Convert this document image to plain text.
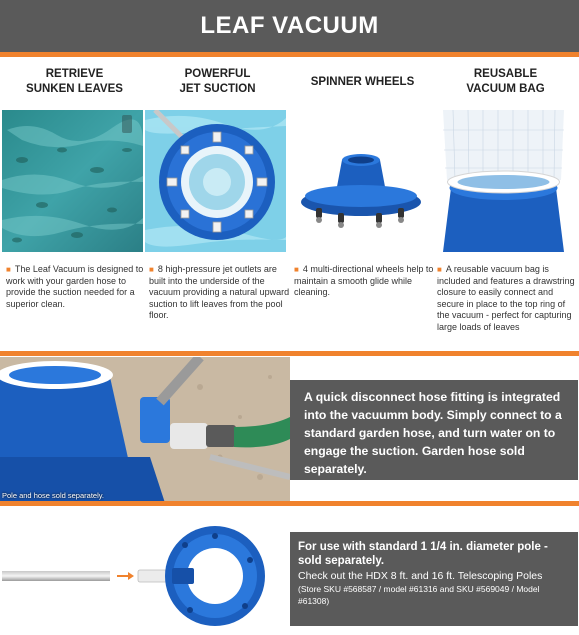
LEAF VACUUM
RETRIEVE
SUNKEN LEAVES
POWERFUL
JET SUCTION
SPINNER WHEELS
REUSABLE
VACUUM BAG

■ The Leaf Vacuum is designed to work with your garden hose to provide the suction needed for a superior clean.

■ 8 high-pressure jet outlets are built into the underside of the vacuum providing a natural upward suction to lift leaves from the pool floor.

■ 4 multi-directional wheels help to maintain a smooth glide while cleaning.

■ A reusable vacuum bag is included and features a drawstring closure to easily connect and secure in place to the top ring of the vacuum - perfect for capturing large loads of leaves

Pole and hose sold separately.
A quick disconnect hose fitting is integrated into the vacuumm body. Simply connect to a standard garden hose, and turn water on to engage the suction. Garden hose sold separately.
For use with standard 1 1/4 in. diameter pole - sold separately.
Check out the HDX 8 ft. and 16 ft. Telescoping Poles
(Store SKU #568587 / model #61316 and SKU #569049 / Model #61308)
